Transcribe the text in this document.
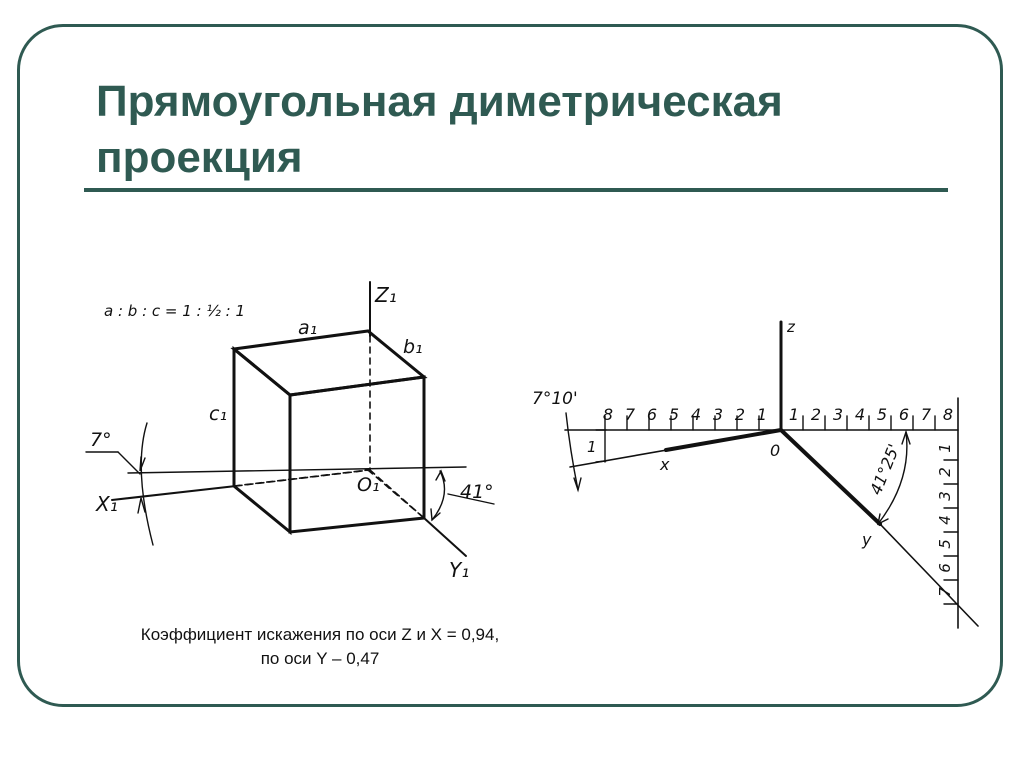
Прямоугольная диметрическая
проекция
a : b : c = 1 : ½ : 1
Z₁
a₁
b₁
c₁
7°
X₁
O₁	41°
Y₁
z
7°10'
0
x
y
1	41°25'
8 7 6 5 4 3 2 1 1 2 3 4 5 6 7 8
1
2
3
4
5
6
7
Коэффициент искажения по оси Z и X = 0,94,
по оси Y – 0,47
